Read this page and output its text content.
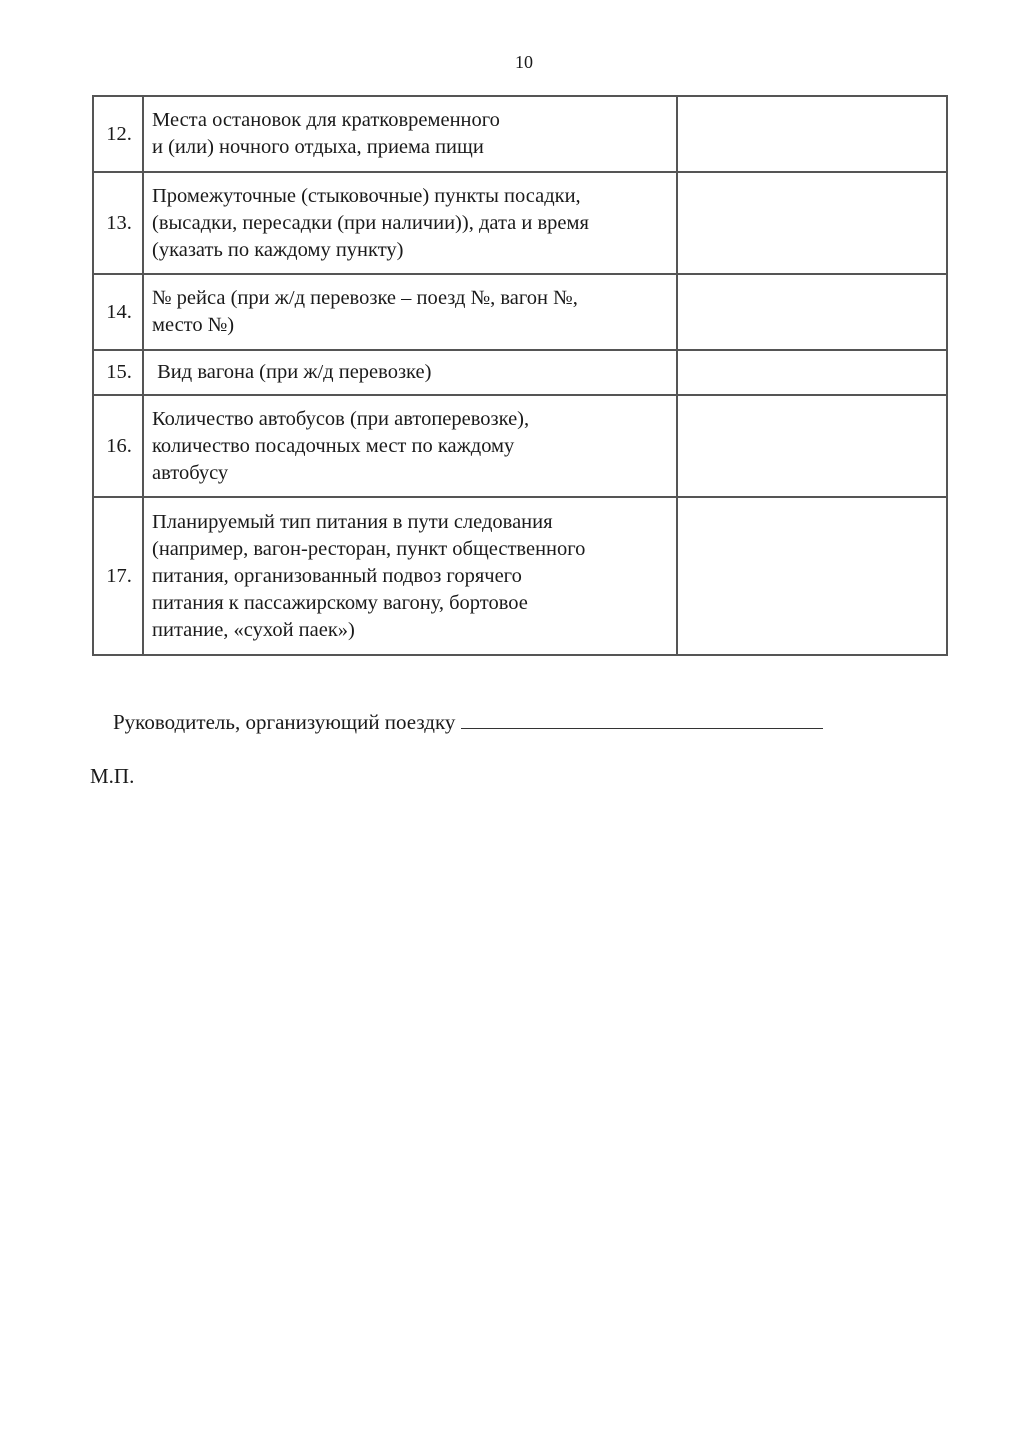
10
12.	Места остановок для кратковременного
и (или) ночного отдыха, приема пищи	

13.	Промежуточные (стыковочные) пункты посадки,
(высадки, пересадки (при наличии)), дата и время
(указать по каждому пункту)	

14.	№ рейса (при ж/д перевозке – поезд №, вагон №,
место №)	

15.	Вид вагона (при ж/д перевозке)	

16.	Количество автобусов (при автоперевозке),
количество посадочных мест по каждому
автобусу	

17.	Планируемый тип питания в пути следования
(например, вагон-ресторан, пункт общественного
питания, организованный подвоз горячего
питания к пассажирскому вагону, бортовое
питание, «сухой паек»)	

Руководитель, организующий поездку
М.П.
